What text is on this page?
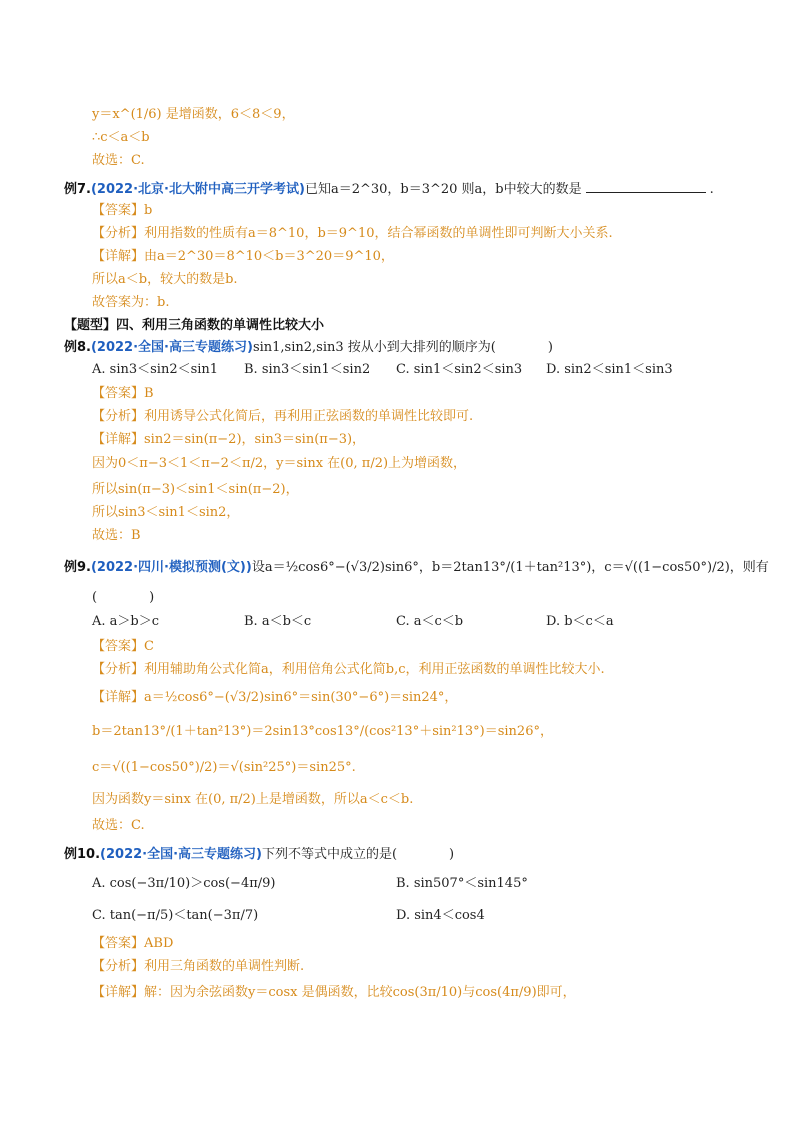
y＝x^(1/6) 是增函数，6＜8＜9，
∴c＜a＜b
故选：C.
例7.(2022·北京·北大附中高三开学考试)已知a＝2^30，b＝3^20 则a，b中较大的数是	.
【答案】b
【分析】利用指数的性质有a＝8^10，b＝9^10，结合幂函数的单调性即可判断大小关系.
【详解】由a＝2^30＝8^10＜b＝3^20＝9^10，
所以a＜b，较大的数是b.
故答案为：b.
【题型】四、利用三角函数的单调性比较大小
例8.(2022·全国·高三专题练习)sin1,sin2,sin3 按从小到大排列的顺序为(　　　　)
A. sin3＜sin2＜sin1 B. sin3＜sin1＜sin2 C. sin1＜sin2＜sin3 D. sin2＜sin1＜sin3
【答案】B
【分析】利用诱导公式化简后，再利用正弦函数的单调性比较即可.
【详解】sin2＝sin(π−2)，sin3＝sin(π−3)，
因为0＜π−3＜1＜π−2＜π/2，y＝sinx 在(0, π/2)上为增函数，
所以sin(π−3)＜sin1＜sin(π−2)，
所以sin3＜sin1＜sin2，
故选：B
例9.(2022·四川·模拟预测(文))设a＝½cos6°−(√3/2)sin6°，b＝2tan13°/(1＋tan²13°)，c＝√((1−cos50°)/2)，则有
(　　　　)
A. a＞b＞c	B. a＜b＜c	C. a＜c＜b	D. b＜c＜a
【答案】C
【分析】利用辅助角公式化简a，利用倍角公式化简b,c，利用正弦函数的单调性比较大小.
【详解】a＝½cos6°−(√3/2)sin6°＝sin(30°−6°)＝sin24°，
b＝2tan13°/(1＋tan²13°)＝2sin13°cos13°/(cos²13°＋sin²13°)＝sin26°，
c＝√((1−cos50°)/2)＝√(sin²25°)＝sin25°.
因为函数y＝sinx 在(0, π/2)上是增函数，所以a＜c＜b.
故选：C.
例10.(2022·全国·高三专题练习)下列不等式中成立的是(　　　　)
A. cos(−3π/10)＞cos(−4π/9)	B. sin507°＜sin145°
C. tan(−π/5)＜tan(−3π/7)	D. sin4＜cos4
【答案】ABD
【分析】利用三角函数的单调性判断.
【详解】解：因为余弦函数y＝cosx 是偶函数，比较cos(3π/10)与cos(4π/9)即可，
